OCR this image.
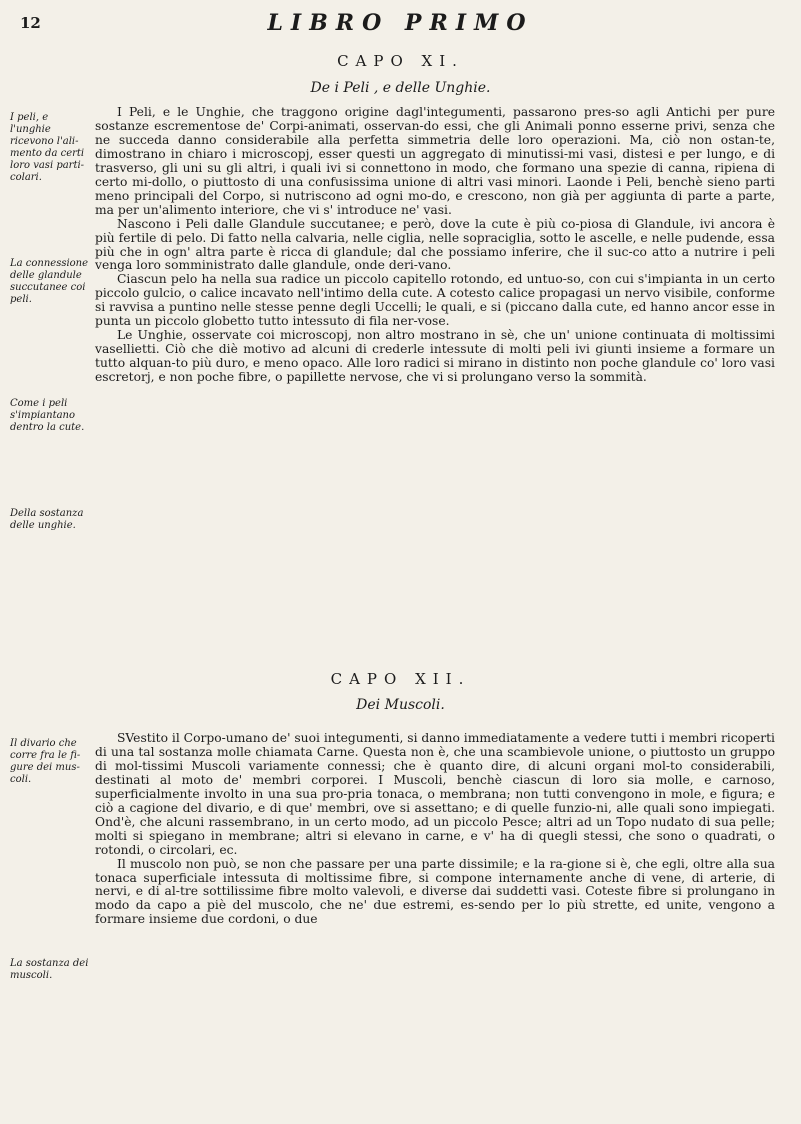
12	LIBRO PRIMO
CAPO XI.
De i Peli , e delle Unghie.
I peli, e l'unghie ricevono l'ali-mento da certi loro vasi parti-colari.
La connessione delle glandule succutanee coi peli.
Come i peli s'impiantano dentro la cute.
Della sostanza delle unghie.

I Peli, e le Unghie, che traggono origine dagl'integumenti, passarono pres-so agli Antichi per pure sostanze escrementose de' Corpi-animati, osservan-do essi, che gli Animali ponno esserne privi, senza che ne succeda danno considerabile alla perfetta simmetria delle loro operazioni. Ma, ciò non ostan-te, dimostrano in chiaro i microscopj, esser questi un aggregato di minutissi-mi vasi, distesi e per lungo, e di trasverso, gli uni su gli altri, i quali ivi si connettono in modo, che formano una spezie di canna, ripiena di certo mi-dollo, o piuttosto di una confusissima unione di altri vasi minori. Laonde i Peli, benchè sieno parti meno principali del Corpo, si nutriscono ad ogni mo-do, e crescono, non già per aggiunta di parte a parte, ma per un'alimento interiore, che vi s' introduce ne' vasi.

Nascono i Peli dalle Glandule succutanee; e però, dove la cute è più co-piosa di Glandule, ivi ancora è più fertile di pelo. Di fatto nella calvaria, nelle ciglia, nelle sopraciglia, sotto le ascelle, e nelle pudende, essa più che in ogn' altra parte è ricca di glandule; dal che possiamo inferire, che il suc-co atto a nutrire i peli venga loro somministrato dalle glandule, onde deri-vano.

Ciascun pelo ha nella sua radice un piccolo capitello rotondo, ed untuo-so, con cui s'impianta in un certo piccolo gulcio, o calice incavato nell'intimo della cute. A cotesto calice propagasi un nervo visibile, conforme si ravvisa a puntino nelle stesse penne degli Uccelli; le quali, e si (piccano dalla cute, ed hanno ancor esse in punta un piccolo globetto tutto intessuto di fila ner-vose.

Le Unghie, osservate coi microscopj, non altro mostrano in sè, che un' unione continuata di moltissimi vasellietti. Ciò che diè motivo ad alcuni di crederle intessute di molti peli ivi giunti insieme a formare un tutto alquan-to più duro, e meno opaco. Alle loro radici si mirano in distinto non poche glandule co' loro vasi escretorj, e non poche fibre, o papillette nervose, che vi si prolungano verso la sommità.

CAPO XII.
Dei Muscoli.
Il divario che corre fra le fi-gure dei mus-coli.
La sostanza dei muscoli.

SVestito il Corpo-umano de' suoi integumenti, si danno immediatamente a vedere tutti i membri ricoperti di una tal sostanza molle chiamata Carne. Questa non è, che una scambievole unione, o piuttosto un gruppo di mol-tissimi Muscoli variamente connessi; che è quanto dire, di alcuni organi mol-to considerabili, destinati al moto de' membri corporei. I Muscoli, benchè ciascun di loro sia molle, e carnoso, superficialmente involto in una sua pro-pria tonaca, o membrana; non tutti convengono in mole, e figura; e ciò a cagione del divario, e di que' membri, ove si assettano; e di quelle funzio-ni, alle quali sono impiegati. Ond'è, che alcuni rassembrano, in un certo modo, ad un piccolo Pesce; altri ad un Topo nudato di sua pelle; molti si spiegano in membrane; altri si elevano in carne, e v' ha di quegli stessi, che sono o quadrati, o rotondi, o circolari, ec.

Il muscolo non può, se non che passare per una parte dissimile; e la ra-gione si è, che egli, oltre alla sua tonaca superficiale intessuta di moltissime fibre, si compone internamente anche di vene, di arterie, di nervi, e di al-tre sottilissime fibre molto valevoli, e diverse dai suddetti vasi. Coteste fibre si prolungano in modo da capo a piè del muscolo, che ne' due estremi, es-sendo per lo più strette, ed unite, vengono a formare insieme due cordoni, o due
